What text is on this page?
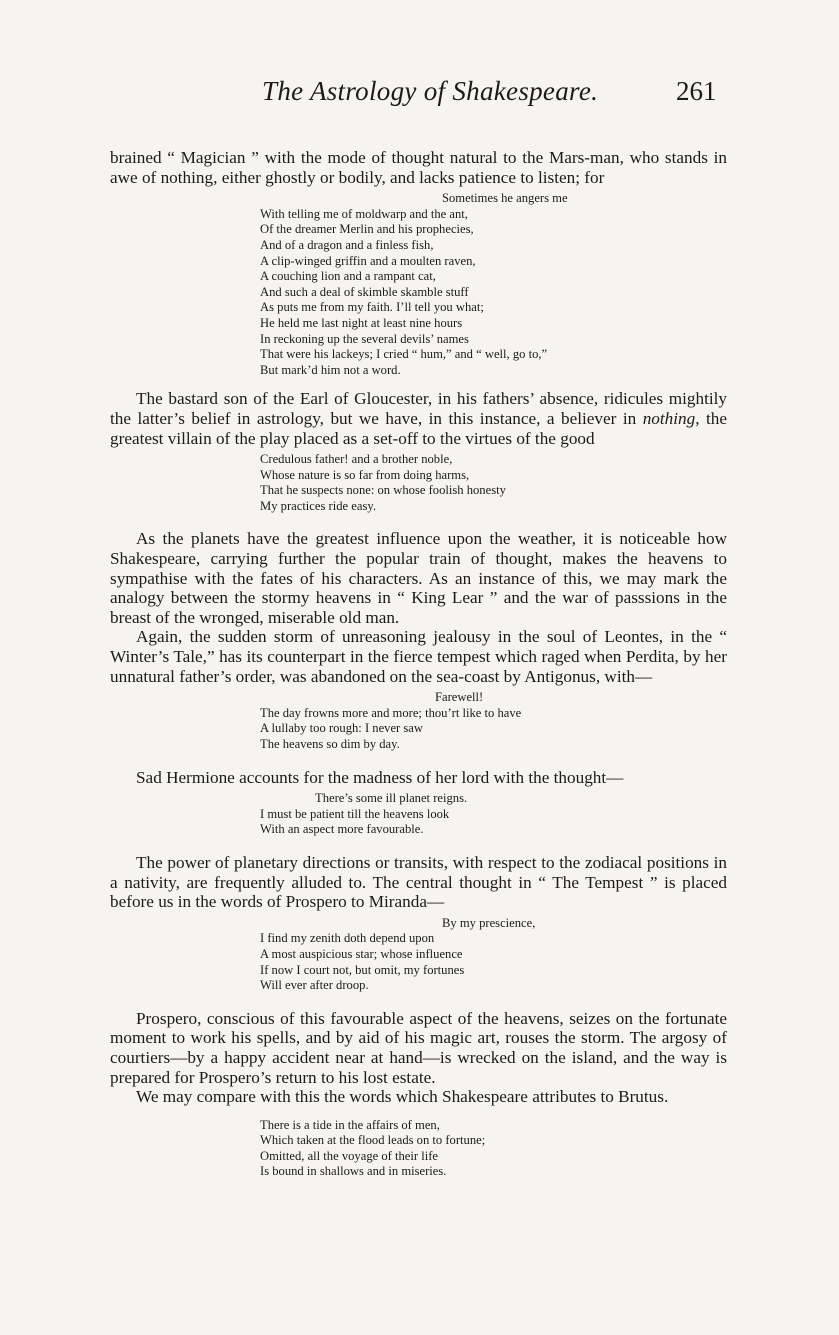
The Astrology of Shakespeare.	261

brained “ Magician ” with the mode of thought natural to the Mars-man, who stands in awe of nothing, either ghostly or bodily, and lacks patience to listen; for

Sometimes he angers me
With telling me of moldwarp and the ant,
Of the dreamer Merlin and his prophecies,
And of a dragon and a finless fish,
A clip-winged griffin and a moulten raven,
A couching lion and a rampant cat,
And such a deal of skimble skamble stuff
As puts me from my faith. I’ll tell you what;
He held me last night at least nine hours
In reckoning up the several devils’ names
That were his lackeys; I cried “ hum,” and “ well, go to,”
But mark’d him not a word.

The bastard son of the Earl of Gloucester, in his fathers’ absence, ridicules mightily the latter’s belief in astrology, but we have, in this instance, a believer in nothing, the greatest villain of the play placed as a set-off to the virtues of the good

Credulous father! and a brother noble,
Whose nature is so far from doing harms,
That he suspects none: on whose foolish honesty
My practices ride easy.

As the planets have the greatest influence upon the weather, it is noticeable how Shakespeare, carrying further the popular train of thought, makes the heavens to sympathise with the fates of his characters. As an instance of this, we may mark the analogy between the stormy heavens in “ King Lear ” and the war of passsions in the breast of the wronged, miserable old man.

Again, the sudden storm of unreasoning jealousy in the soul of Leontes, in the “ Winter’s Tale,” has its counterpart in the fierce tempest which raged when Perdita, by her unnatural father’s order, was abandoned on the sea-coast by Antigonus, with—

Farewell!
The day frowns more and more; thou’rt like to have
A lullaby too rough: I never saw
The heavens so dim by day.

Sad Hermione accounts for the madness of her lord with the thought—

There’s some ill planet reigns.
I must be patient till the heavens look
With an aspect more favourable.

The power of planetary directions or transits, with respect to the zodiacal positions in a nativity, are frequently alluded to. The central thought in “ The Tempest ” is placed before us in the words of Prospero to Miranda—

By my prescience,
I find my zenith doth depend upon
A most auspicious star; whose influence
If now I court not, but omit, my fortunes
Will ever after droop.

Prospero, conscious of this favourable aspect of the heavens, seizes on the fortunate moment to work his spells, and by aid of his magic art, rouses the storm. The argosy of courtiers—by a happy accident near at hand—is wrecked on the island, and the way is prepared for Prospero’s return to his lost estate.

We may compare with this the words which Shakespeare attributes to Brutus.

There is a tide in the affairs of men,
Which taken at the flood leads on to fortune;
Omitted, all the voyage of their life
Is bound in shallows and in miseries.
